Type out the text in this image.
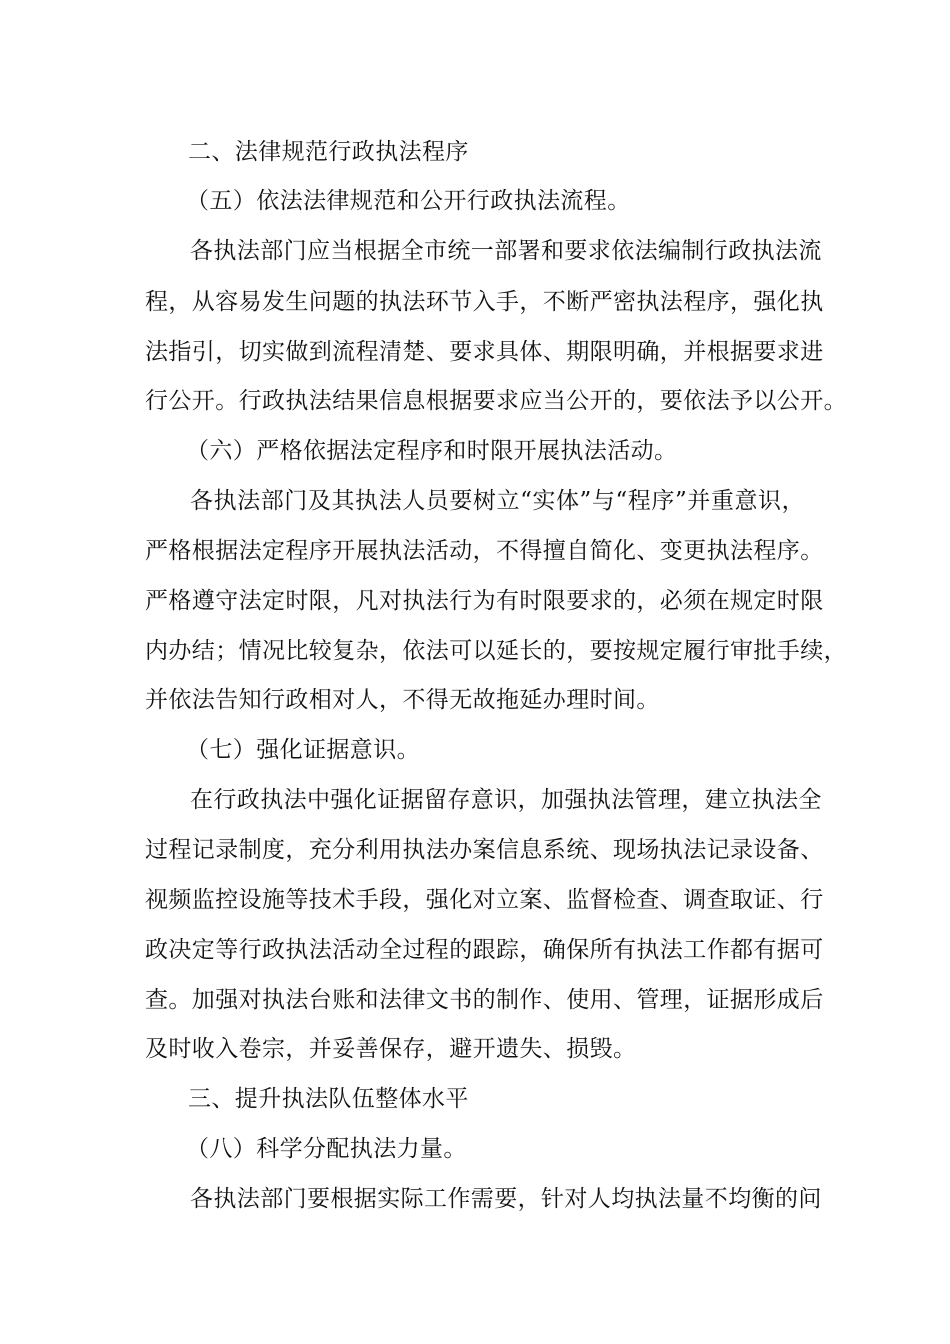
二、法律规范行政执法程序
（五）依法法律规范和公开行政执法流程。
各执法部门应当根据全市统一部署和要求依法编制行政执法流
程，从容易发生问题的执法环节入手，不断严密执法程序，强化执
法指引，切实做到流程清楚、要求具体、期限明确，并根据要求进
行公开。行政执法结果信息根据要求应当公开的，要依法予以公开。
（六）严格依据法定程序和时限开展执法活动。
各执法部门及其执法人员要树立“实体”与“程序”并重意识，
严格根据法定程序开展执法活动，不得擅自简化、变更执法程序。
严格遵守法定时限，凡对执法行为有时限要求的，必须在规定时限
内办结；情况比较复杂，依法可以延长的，要按规定履行审批手续，
并依法告知行政相对人，不得无故拖延办理时间。
（七）强化证据意识。
在行政执法中强化证据留存意识，加强执法管理，建立执法全
过程记录制度，充分利用执法办案信息系统、现场执法记录设备、
视频监控设施等技术手段，强化对立案、监督检查、调查取证、行
政决定等行政执法活动全过程的跟踪，确保所有执法工作都有据可
查。加强对执法台账和法律文书的制作、使用、管理，证据形成后
及时收入卷宗，并妥善保存，避开遗失、损毁。
三、提升执法队伍整体水平
（八）科学分配执法力量。
各执法部门要根据实际工作需要，针对人均执法量不均衡的问
